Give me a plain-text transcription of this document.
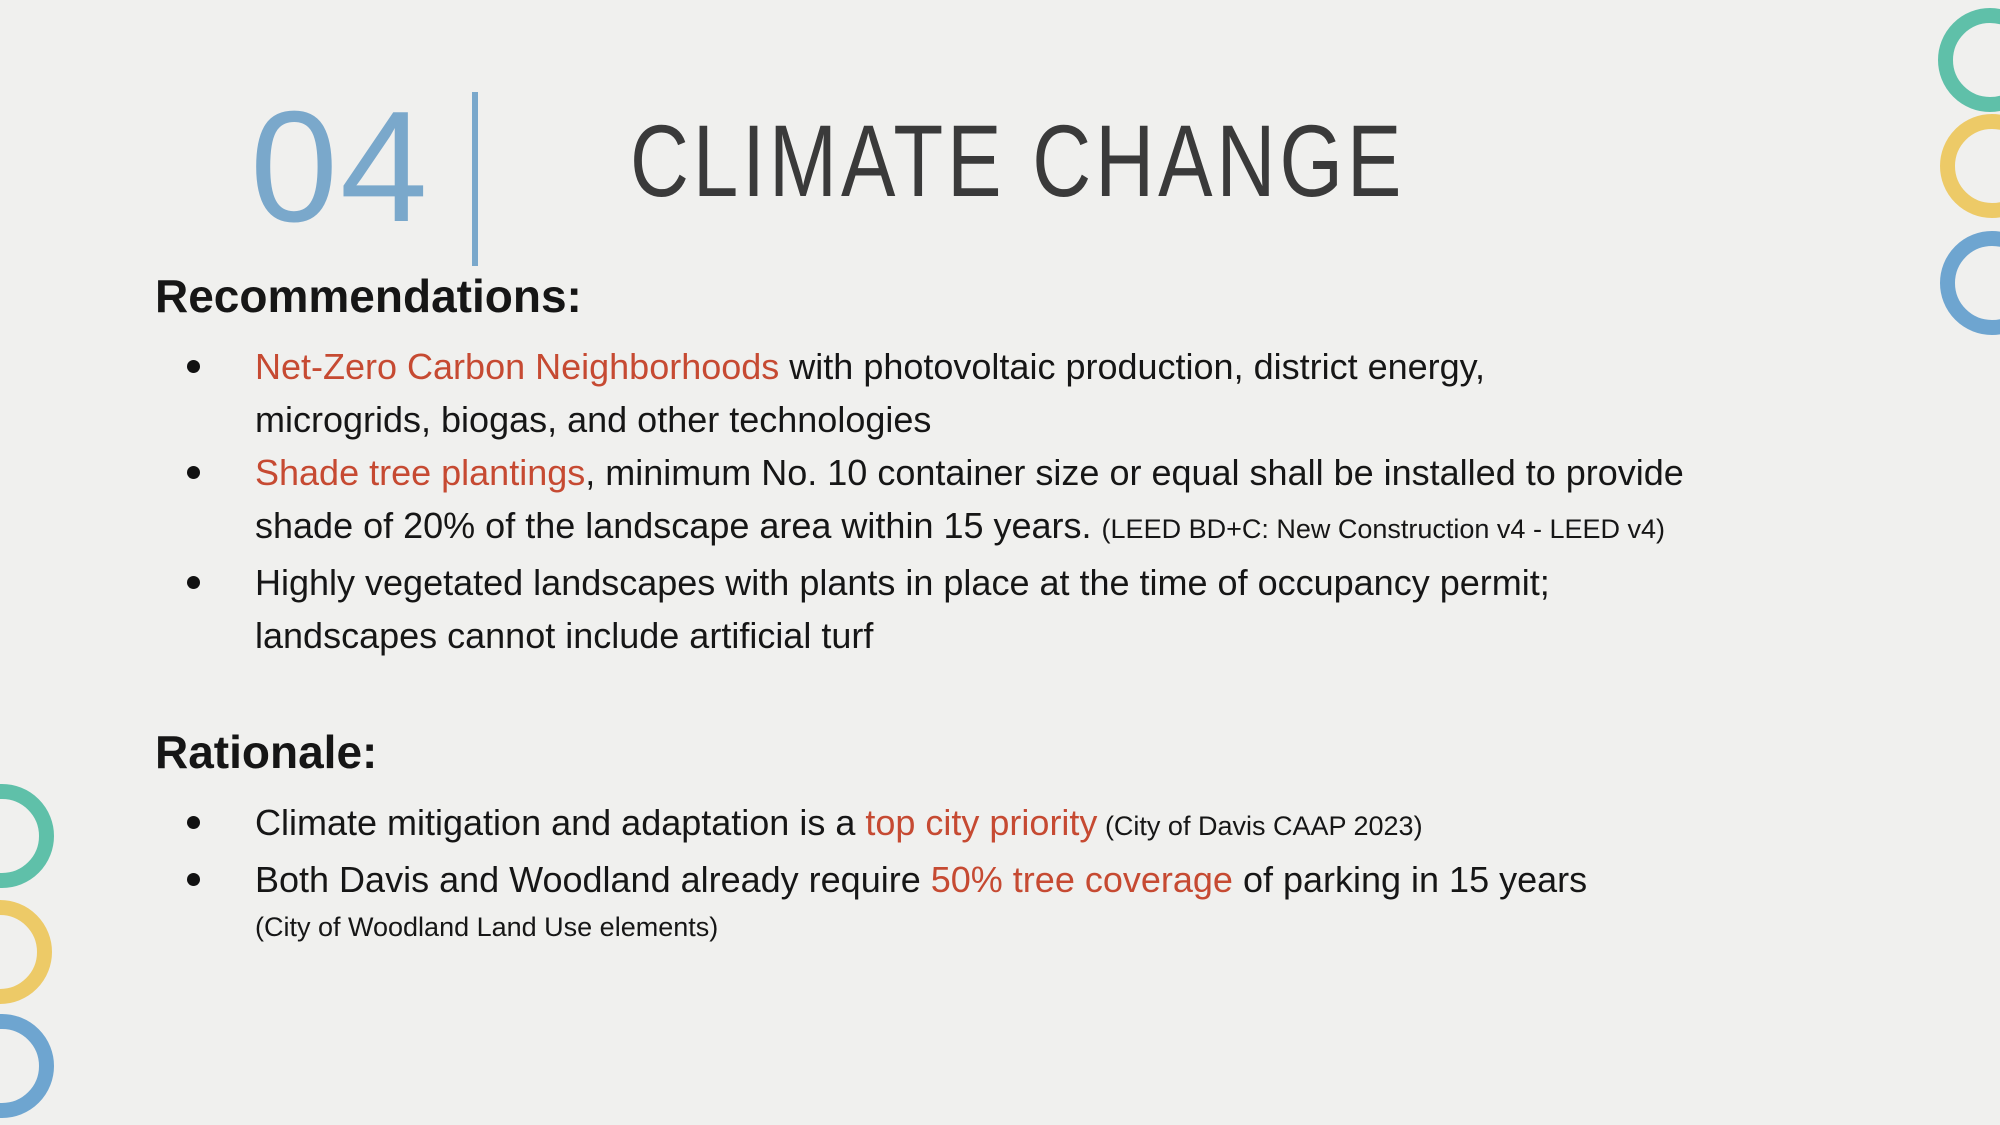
04 CLIMATE CHANGE
Recommendations:
Net-Zero Carbon Neighborhoods with photovoltaic production, district energy,
microgrids, biogas, and other technologies
Shade tree plantings, minimum No. 10 container size or equal shall be installed to provide
shade of 20% of the landscape area within 15 years. (LEED BD+C: New Construction v4 - LEED v4)
Highly vegetated landscapes with plants in place at the time of occupancy permit;
landscapes cannot include artificial turf
Rationale:
Climate mitigation and adaptation is a top city priority (City of Davis CAAP 2023)
Both Davis and Woodland already require 50% tree coverage of parking in 15 years
(City of Woodland Land Use elements)
